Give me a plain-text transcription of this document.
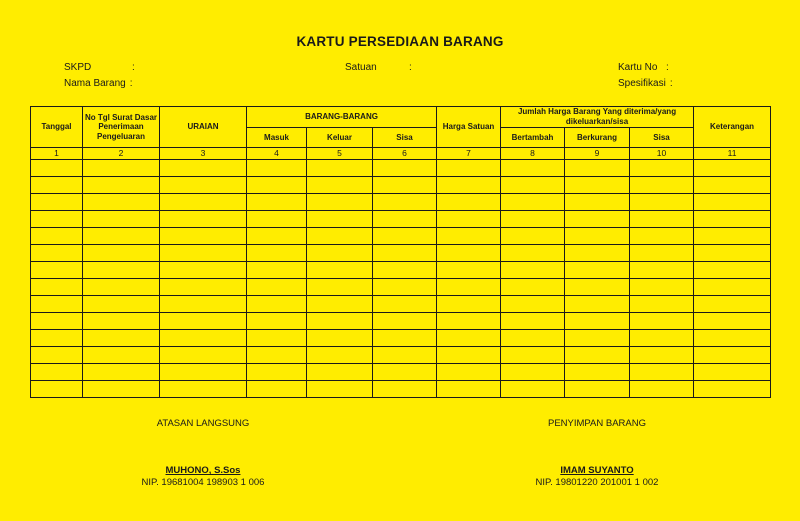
KARTU PERSEDIAAN BARANG
SKPD	:
Nama Barang :
Satuan	:	Kartu No :
Spesifikasi :
Tanggal	No Tgl Surat Dasar Penerimaan Pengeluaran	URAIAN	BARANG-BARANG			Harga Satuan	Jumlah Harga Barang Yang diterima/yang dikeluarkan/sisa			Keterangan
			Masuk	Keluar	Sisa		Bertambah	Berkurang	Sisa	
1	2	3	4	5	6	7	8	9	10	11

ATASAN LANGSUNG
MUHONO, S.Sos
NIP. 19681004 198903 1 006
PENYIMPAN BARANG
IMAM SUYANTO
NIP. 19801220 201001 1 002
